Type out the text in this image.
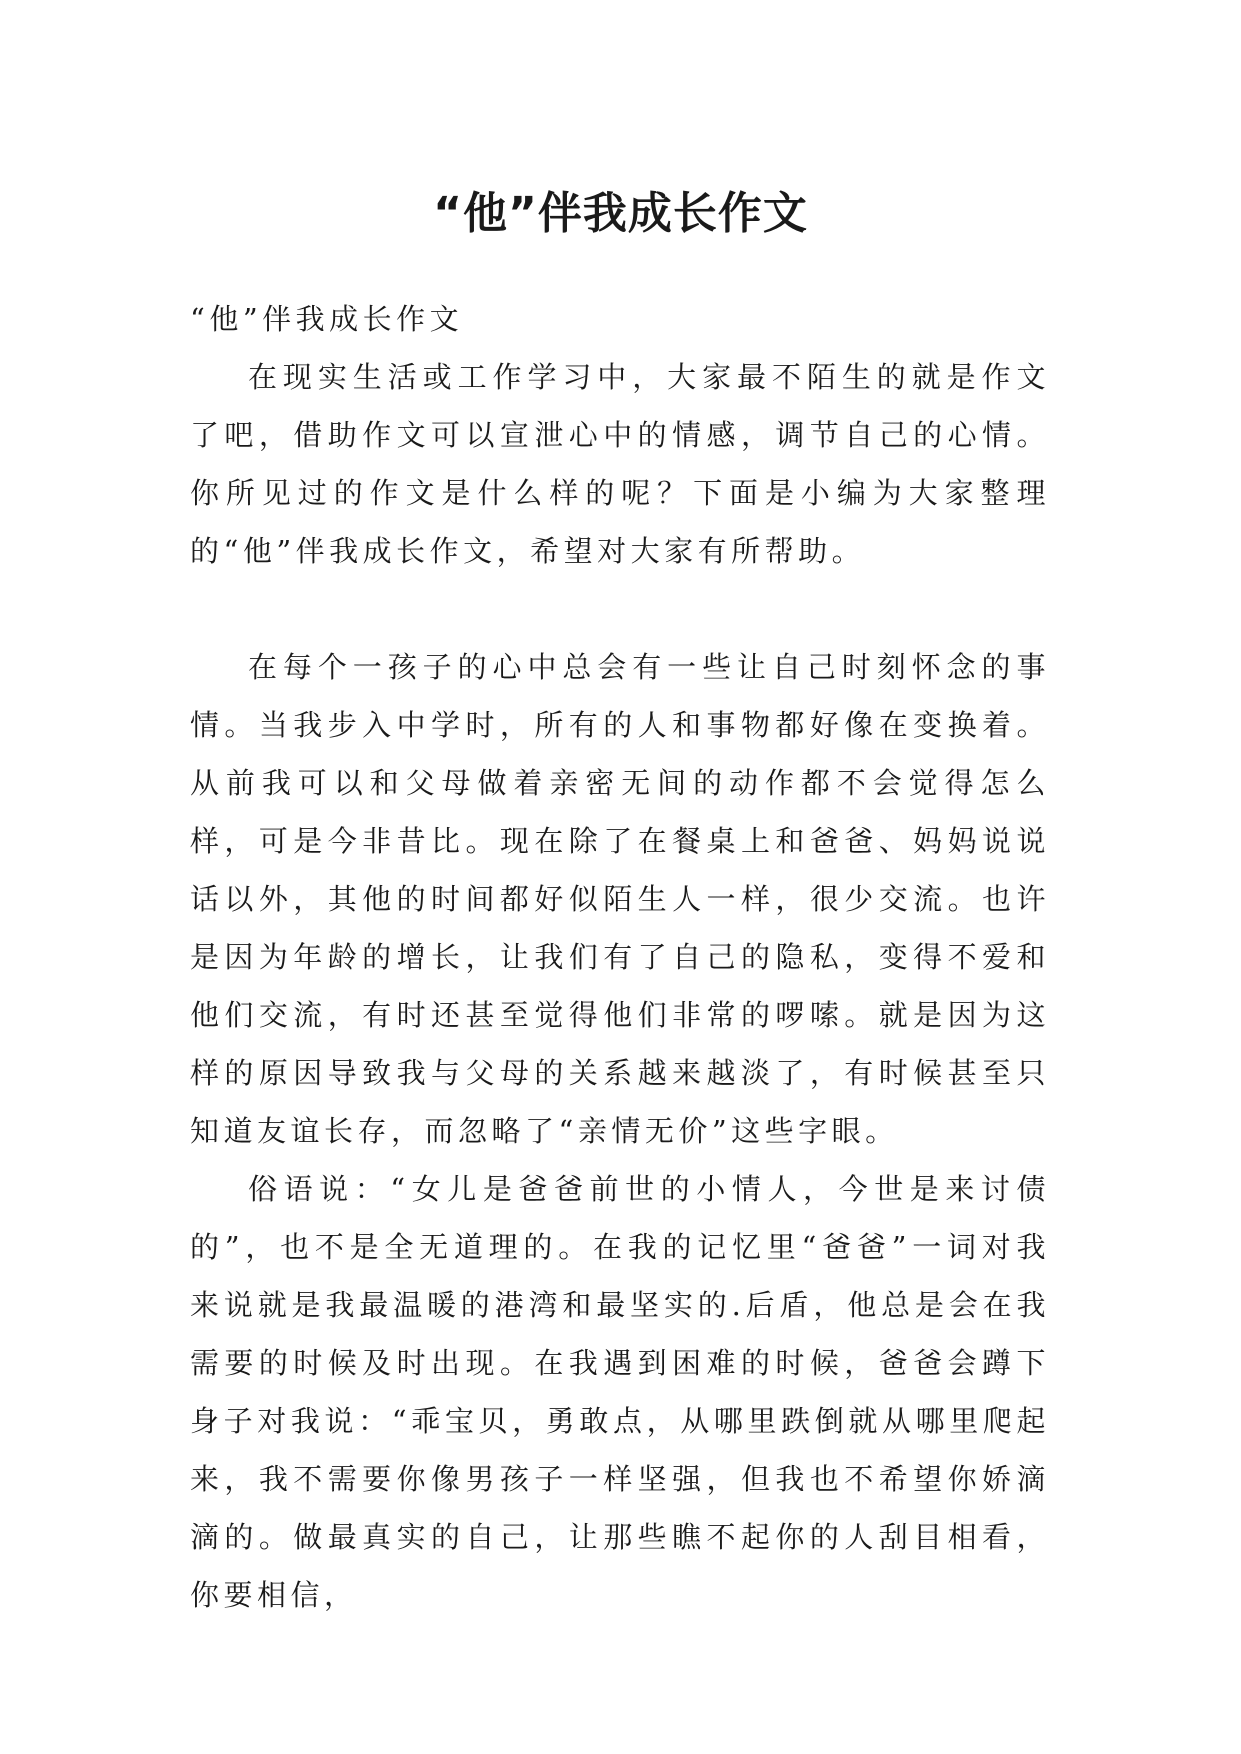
“他”伴我成长作文

“他”伴我成长作文

在现实生活或工作学习中，大家最不陌生的就是作文了吧，借助作文可以宣泄心中的情感，调节自己的心情。你所见过的作文是什么样的呢？下面是小编为大家整理的“他”伴我成长作文，希望对大家有所帮助。

在每个一孩子的心中总会有一些让自己时刻怀念的事情。当我步入中学时，所有的人和事物都好像在变换着。从前我可以和父母做着亲密无间的动作都不会觉得怎么样，可是今非昔比。现在除了在餐桌上和爸爸、妈妈说说话以外，其他的时间都好似陌生人一样，很少交流。也许是因为年龄的增长，让我们有了自己的隐私，变得不爱和他们交流，有时还甚至觉得他们非常的啰嗦。就是因为这样的原因导致我与父母的关系越来越淡了，有时候甚至只知道友谊长存，而忽略了“亲情无价”这些字眼。

俗语说：“女儿是爸爸前世的小情人，今世是来讨债的”，也不是全无道理的。在我的记忆里“爸爸”一词对我来说就是我最温暖的港湾和最坚实的.后盾，他总是会在我需要的时候及时出现。在我遇到困难的时候，爸爸会蹲下身子对我说：“乖宝贝，勇敢点，从哪里跌倒就从哪里爬起来，我不需要你像男孩子一样坚强，但我也不希望你娇滴滴的。做最真实的自己，让那些瞧不起你的人刮目相看，你要相信，
